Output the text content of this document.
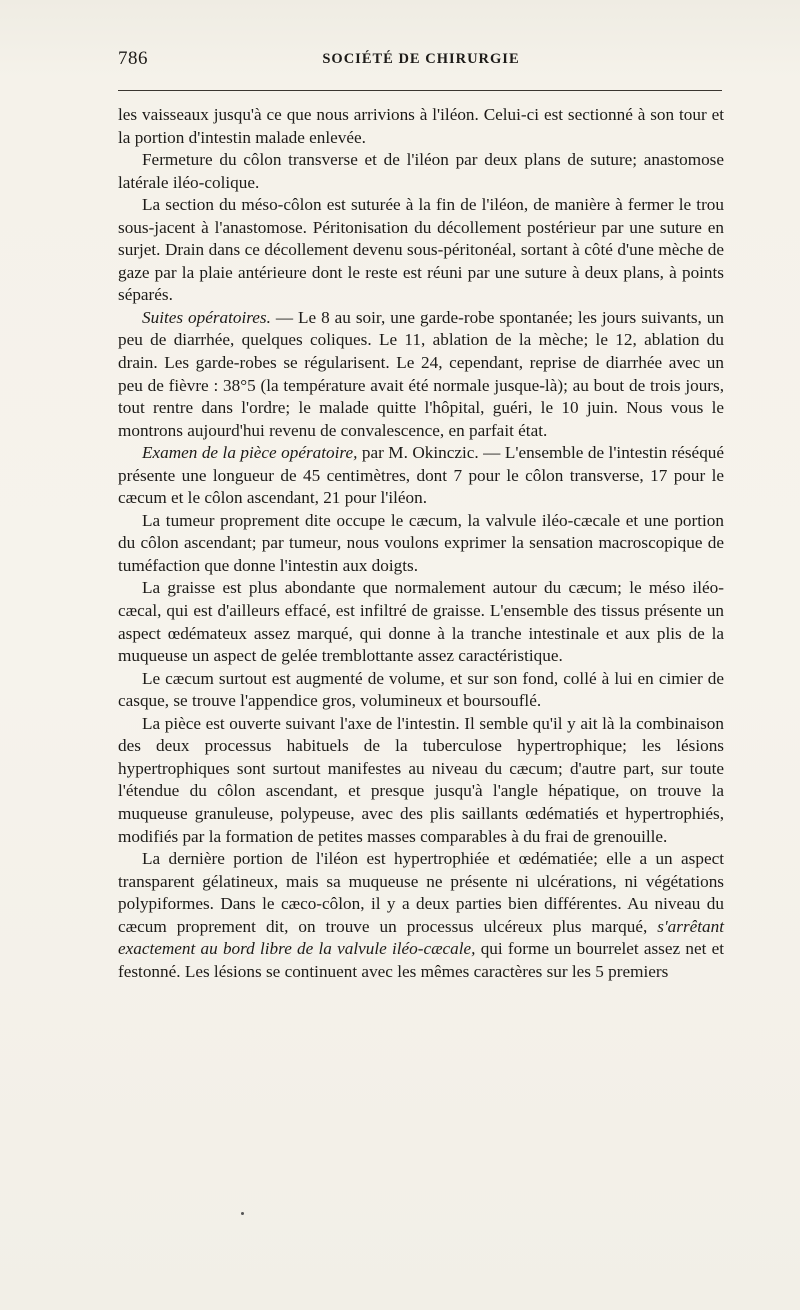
786	SOCIÉTÉ DE CHIRURGIE

les vaisseaux jusqu'à ce que nous arrivions à l'iléon. Celui-ci est sectionné à son tour et la portion d'intestin malade enlevée.

Fermeture du côlon transverse et de l'iléon par deux plans de suture; anastomose latérale iléo-colique.

La section du méso-côlon est suturée à la fin de l'iléon, de manière à fermer le trou sous-jacent à l'anastomose. Péritonisation du décollement postérieur par une suture en surjet. Drain dans ce décollement devenu sous-péritonéal, sortant à côté d'une mèche de gaze par la plaie antérieure dont le reste est réuni par une suture à deux plans, à points séparés.

Suites opératoires. — Le 8 au soir, une garde-robe spontanée; les jours suivants, un peu de diarrhée, quelques coliques. Le 11, ablation de la mèche; le 12, ablation du drain. Les garde-robes se régularisent. Le 24, cependant, reprise de diarrhée avec un peu de fièvre : 38°5 (la température avait été normale jusque-là); au bout de trois jours, tout rentre dans l'ordre; le malade quitte l'hôpital, guéri, le 10 juin. Nous vous le montrons aujourd'hui revenu de convalescence, en parfait état.

Examen de la pièce opératoire, par M. Okinczic. — L'ensemble de l'intestin réséqué présente une longueur de 45 centimètres, dont 7 pour le côlon transverse, 17 pour le cæcum et le côlon ascendant, 21 pour l'iléon.

La tumeur proprement dite occupe le cæcum, la valvule iléo-cæcale et une portion du côlon ascendant; par tumeur, nous voulons exprimer la sensation macroscopique de tuméfaction que donne l'intestin aux doigts.

La graisse est plus abondante que normalement autour du cæcum; le méso iléo-cæcal, qui est d'ailleurs effacé, est infiltré de graisse. L'ensemble des tissus présente un aspect œdémateux assez marqué, qui donne à la tranche intestinale et aux plis de la muqueuse un aspect de gelée tremblottante assez caractéristique.

Le cæcum surtout est augmenté de volume, et sur son fond, collé à lui en cimier de casque, se trouve l'appendice gros, volumineux et boursouflé.

La pièce est ouverte suivant l'axe de l'intestin. Il semble qu'il y ait là la combinaison des deux processus habituels de la tuberculose hypertrophique; les lésions hypertrophiques sont surtout manifestes au niveau du cæcum; d'autre part, sur toute l'étendue du côlon ascendant, et presque jusqu'à l'angle hépatique, on trouve la muqueuse granuleuse, polypeuse, avec des plis saillants œdématiés et hypertrophiés, modifiés par la formation de petites masses comparables à du frai de grenouille.

La dernière portion de l'iléon est hypertrophiée et œdématiée; elle a un aspect transparent gélatineux, mais sa muqueuse ne présente ni ulcérations, ni végétations polypiformes. Dans le cæco-côlon, il y a deux parties bien différentes. Au niveau du cæcum proprement dit, on trouve un processus ulcéreux plus marqué, s'arrêtant exactement au bord libre de la valvule iléo-cæcale, qui forme un bourrelet assez net et festonné. Les lésions se continuent avec les mêmes caractères sur les 5 premiers
